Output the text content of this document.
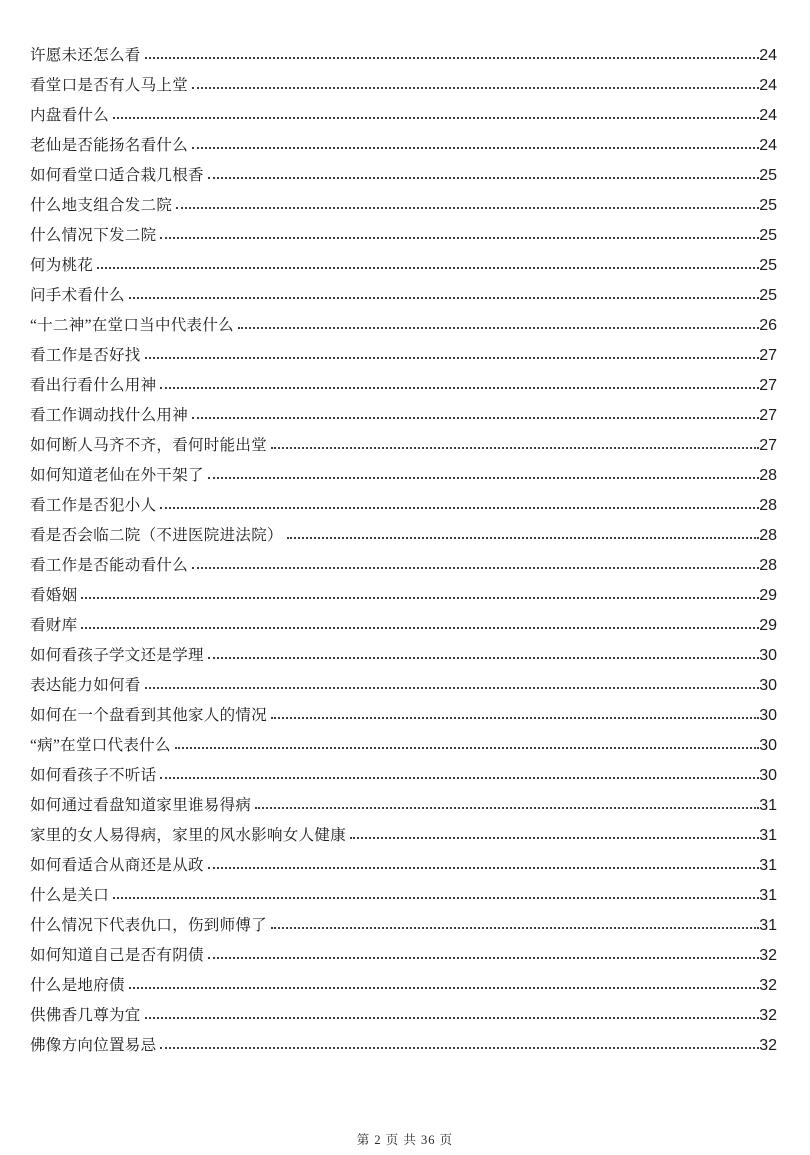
许愿未还怎么看	24
看堂口是否有人马上堂	24
内盘看什么	24
老仙是否能扬名看什么	24
如何看堂口适合栽几根香	25
什么地支组合发二院	25
什么情况下发二院	25
何为桃花	25
问手术看什么	25
“十二神”在堂口当中代表什么	26
看工作是否好找	27
看出行看什么用神	27
看工作调动找什么用神	27
如何断人马齐不齐，看何时能出堂	27
如何知道老仙在外干架了	28
看工作是否犯小人	28
看是否会临二院（不进医院进法院）	28
看工作是否能动看什么	28
看婚姻	29
看财库	29
如何看孩子学文还是学理	30
表达能力如何看	30
如何在一个盘看到其他家人的情况	30
“病”在堂口代表什么	30
如何看孩子不听话	30
如何通过看盘知道家里谁易得病	31
家里的女人易得病，家里的风水影响女人健康	31
如何看适合从商还是从政	31
什么是关口	31
什么情况下代表仇口，伤到师傅了	31
如何知道自己是否有阴债	32
什么是地府债	32
供佛香几尊为宜	32
佛像方向位置易忌	32
第 2 页 共 36 页
